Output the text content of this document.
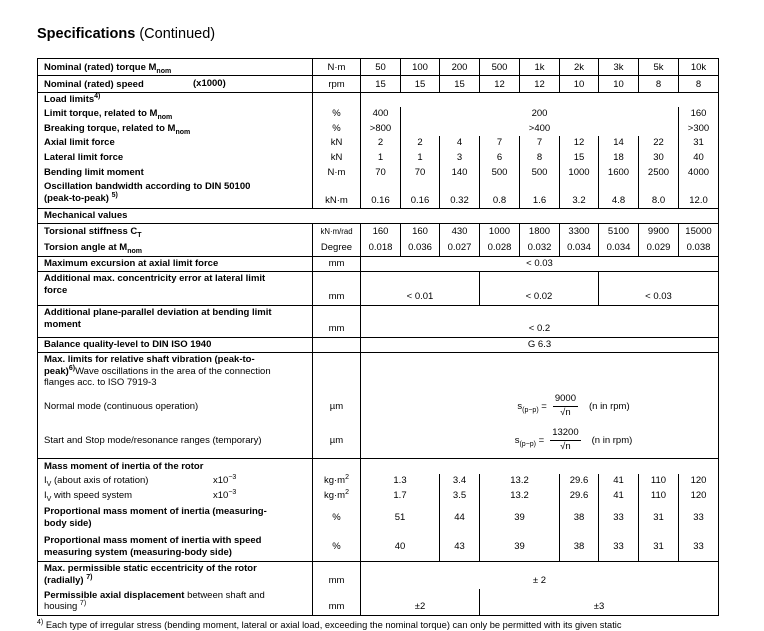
Specifications (Continued)
Nominal (rated) torque $M_{nom}$	N·m	50	100	200	500	1k	2k	3k	5k	10k
Nominal (rated) speed (x1000)	rpm	15	15	15	12	12	10	10	8	8
Load limits$^{4)}$		
Limit torque, related to $M_{nom}$	%	400	200							160
Breaking torque, related to $M_{nom}$	%	>800	>400							>300
Axial limit force	kN	2	2	4	7	7	12	14	22	31
Lateral limit force	kN	1	1	3	6	8	15	18	30	40
Bending limit moment	N·m	70	70	140	500	500	1000	1600	2500	4000
Oscillation bandwidth according to DIN 50100
(peak-to-peak) $^{5)}$	kN·m	0.16	0.16	0.32	0.8	1.6	3.2	4.8	8.0	12.0
Mechanical values										
Torsional stiffness $C_T$	kN·m/rad	160	160	430	1000	1800	3300	5100	9900	15000
Torsion angle at $M_{nom}$	Degree	0.018	0.036	0.027	0.028	0.032	0.034	0.034	0.029	0.038
Maximum excursion at axial limit force	mm	< 0.03								
Additional max. concentricity error at lateral limit
force	mm	< 0.01			< 0.02			< 0.03		
Additional plane-parallel deviation at bending limit
moment	mm	< 0.2								
Balance quality-level to DIN ISO 1940		G 6.3								
Max. limits for relative shaft vibration (peak-to-
peak)$^{6)}$Wave oscillations in the area of the connection
flanges acc. to ISO 7919-3										
Normal mode (continuous operation)	µm	$s_{(p-p)} = \frac{9000}{√n} (n$ in rpm)								

Start and Stop mode/resonance ranges (temporary)	µm	$s_{(p-p)} = \frac{13200}{√n} (n$ in rpm)								

Mass moment of inertia of the rotor										
$I_V$ (about axis of rotation) $x10^{-3}$	$kg\cdot m^2$	1.3		3.4	13.2		29.6	41	110	120
$I_V$ with speed system $x10^{-3}$	$kg\cdot m^2$	1.7		3.5	13.2		29.6	41	110	120
Proportional mass moment of inertia (measuring-
body side)	%	51		44	39		38	33	31	33
Proportional mass moment of inertia with speed
measuring system (measuring-body side)	%	40		43	39		38	33	31	33
Max. permissible static eccentricity of the rotor
(radially) $^{7)}$	mm	± 2								
Permissible axial displacement between shaft and
housing $^{7)}$	mm	±2			±3					
$^{4)}$ Each type of irregular stress (bending moment, lateral or axial load, exceeding the nominal torque) can only be permitted with its given static
